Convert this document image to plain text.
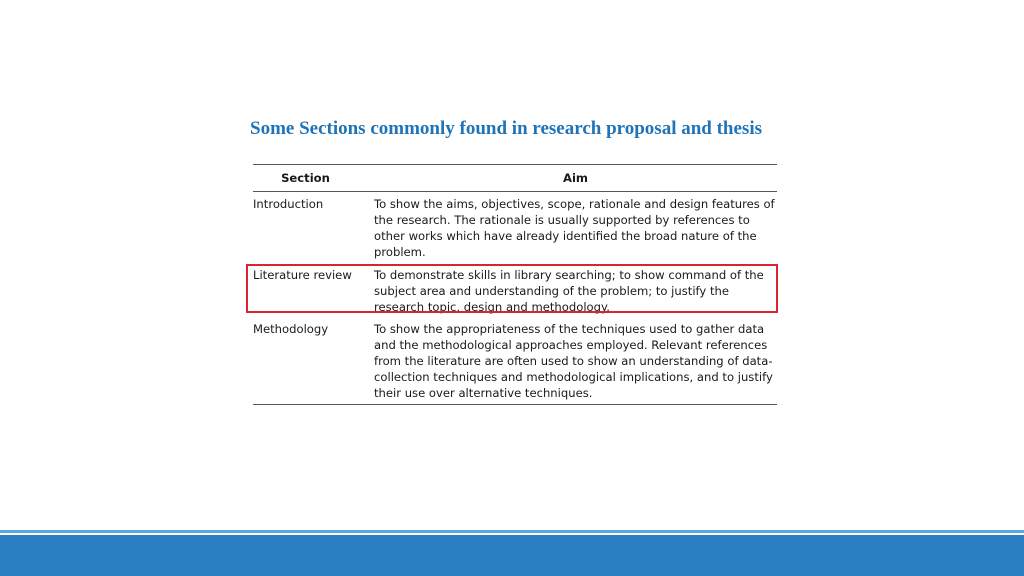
Some Sections commonly found in research proposal and thesis
Section	Aim
Introduction	To show the aims, objectives, scope, rationale and design features of
the research. The rationale is usually supported by references to
other works which have already identified the broad nature of the
problem.
Literature review	To demonstrate skills in library searching; to show command of the
subject area and understanding of the problem; to justify the
research topic, design and methodology.
Methodology	To show the appropriateness of the techniques used to gather data
and the methodological approaches employed. Relevant references
from the literature are often used to show an understanding of data-
collection techniques and methodological implications, and to justify
their use over alternative techniques.
